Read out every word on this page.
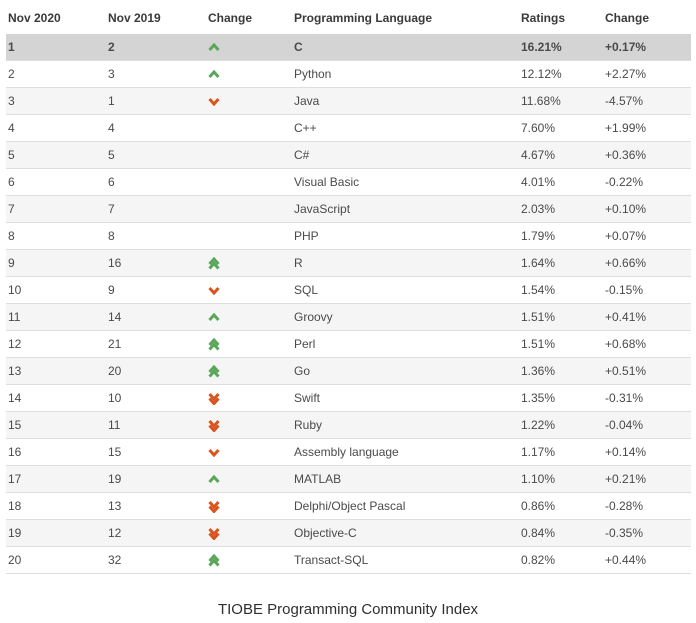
Nov 2020	Nov 2019	Change	Programming Language	Ratings	Change
1	2		C	16.21%	+0.17%
2	3		Python	12.12%	+2.27%
3	1		Java	11.68%	-4.57%
4	4		C++	7.60%	+1.99%
5	5		C#	4.67%	+0.36%
6	6		Visual Basic	4.01%	-0.22%
7	7		JavaScript	2.03%	+0.10%
8	8		PHP	1.79%	+0.07%
9	16		R	1.64%	+0.66%
10	9		SQL	1.54%	-0.15%
11	14		Groovy	1.51%	+0.41%
12	21		Perl	1.51%	+0.68%
13	20		Go	1.36%	+0.51%
14	10		Swift	1.35%	-0.31%
15	11		Ruby	1.22%	-0.04%
16	15		Assembly language	1.17%	+0.14%
17	19		MATLAB	1.10%	+0.21%
18	13		Delphi/Object Pascal	0.86%	-0.28%
19	12		Objective-C	0.84%	-0.35%
20	32		Transact-SQL	0.82%	+0.44%
TIOBE Programming Community Index
